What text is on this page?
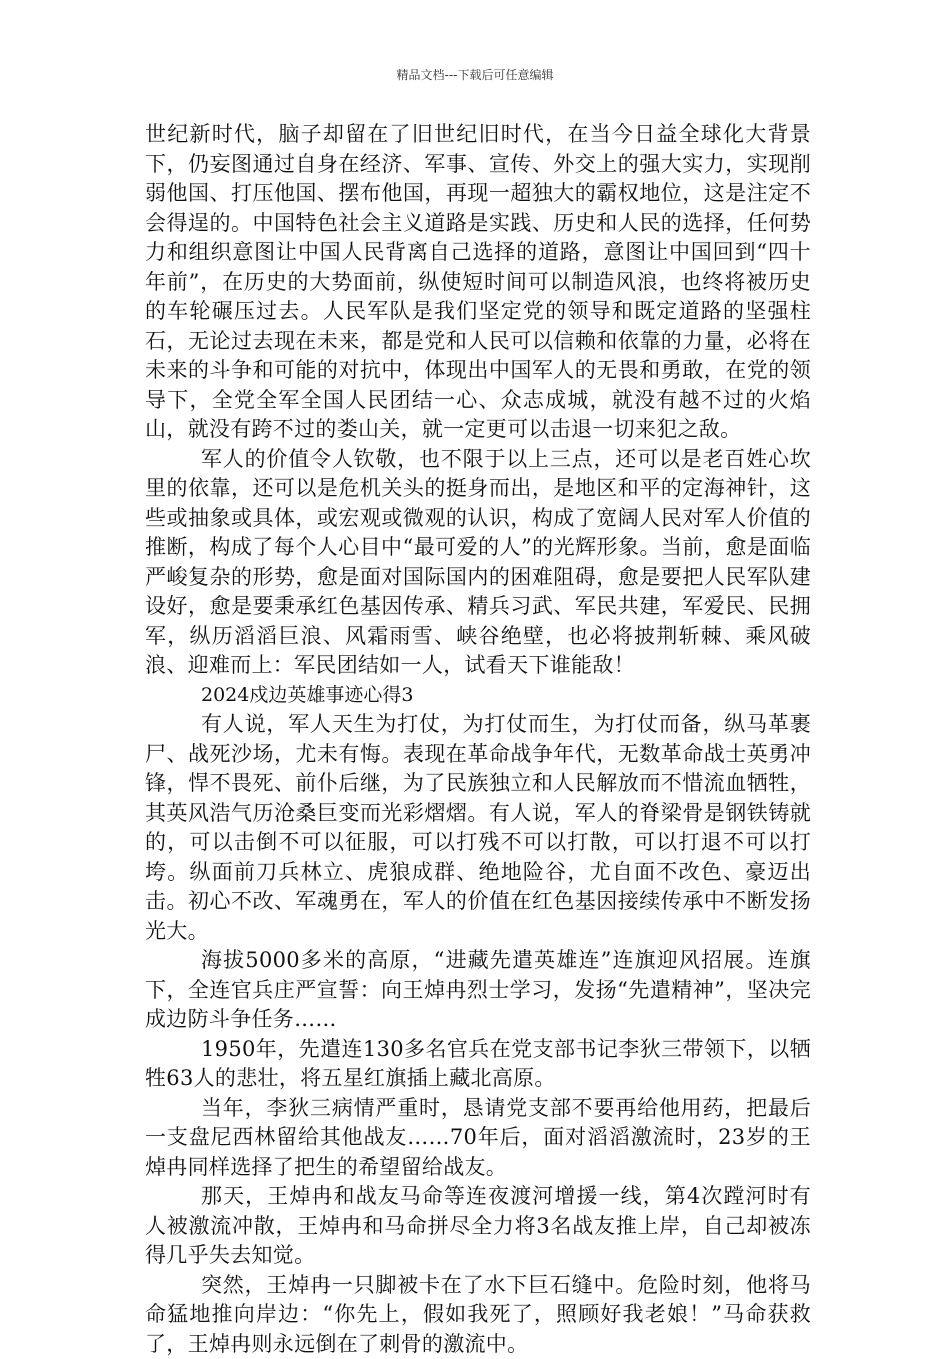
精品文档---下载后可任意编辑

世纪新时代，脑子却留在了旧世纪旧时代，在当今日益全球化大背景下，仍妄图通过自身在经济、军事、宣传、外交上的强大实力，实现削弱他国、打压他国、摆布他国，再现一超独大的霸权地位，这是注定不会得逞的。中国特色社会主义道路是实践、历史和人民的选择，任何势力和组织意图让中国人民背离自己选择的道路，意图让中国回到“四十年前”，在历史的大势面前，纵使短时间可以制造风浪，也终将被历史的车轮碾压过去。人民军队是我们坚定党的领导和既定道路的坚强柱石，无论过去现在未来，都是党和人民可以信赖和依靠的力量，必将在未来的斗争和可能的对抗中，体现出中国军人的无畏和勇敢，在党的领导下，全党全军全国人民团结一心、众志成城，就没有越不过的火焰山，就没有跨不过的娄山关，就一定更可以击退一切来犯之敌。

军人的价值令人钦敬，也不限于以上三点，还可以是老百姓心坎里的依靠，还可以是危机关头的挺身而出，是地区和平的定海神针，这些或抽象或具体，或宏观或微观的认识，构成了宽阔人民对军人价值的推断，构成了每个人心目中“最可爱的人”的光辉形象。当前，愈是面临严峻复杂的形势，愈是面对国际国内的困难阻碍，愈是要把人民军队建设好，愈是要秉承红色基因传承、精兵习武、军民共建，军爱民、民拥军，纵历滔滔巨浪、风霜雨雪、峡谷绝壁，也必将披荆斩棘、乘风破浪、迎难而上：军民团结如一人，试看天下谁能敌！

2024戍边英雄事迹心得3

有人说，军人天生为打仗，为打仗而生，为打仗而备，纵马革裹尸、战死沙场，尤未有悔。表现在革命战争年代，无数革命战士英勇冲锋，悍不畏死、前仆后继，为了民族独立和人民解放而不惜流血牺牲，其英风浩气历沧桑巨变而光彩熠熠。有人说，军人的脊梁骨是钢铁铸就的，可以击倒不可以征服，可以打残不可以打散，可以打退不可以打垮。纵面前刀兵林立、虎狼成群、绝地险谷，尤自面不改色、豪迈出击。初心不改、军魂勇在，军人的价值在红色基因接续传承中不断发扬光大。

海拔5000多米的高原，“进藏先遣英雄连”连旗迎风招展。连旗下，全连官兵庄严宣誓：向王焯冉烈士学习，发扬“先遣精神”，坚决完成边防斗争任务……

1950年，先遣连130多名官兵在党支部书记李狄三带领下，以牺牲63人的悲壮，将五星红旗插上藏北高原。

当年，李狄三病情严重时，恳请党支部不要再给他用药，把最后一支盘尼西林留给其他战友……70年后，面对滔滔激流时，23岁的王焯冉同样选择了把生的希望留给战友。

那天，王焯冉和战友马命等连夜渡河增援一线，第4次蹚河时有人被激流冲散，王焯冉和马命拼尽全力将3名战友推上岸，自己却被冻得几乎失去知觉。

突然，王焯冉一只脚被卡在了水下巨石缝中。危险时刻，他将马命猛地推向岸边：“你先上，假如我死了，照顾好我老娘！”马命获救了，王焯冉则永远倒在了刺骨的激流中。
